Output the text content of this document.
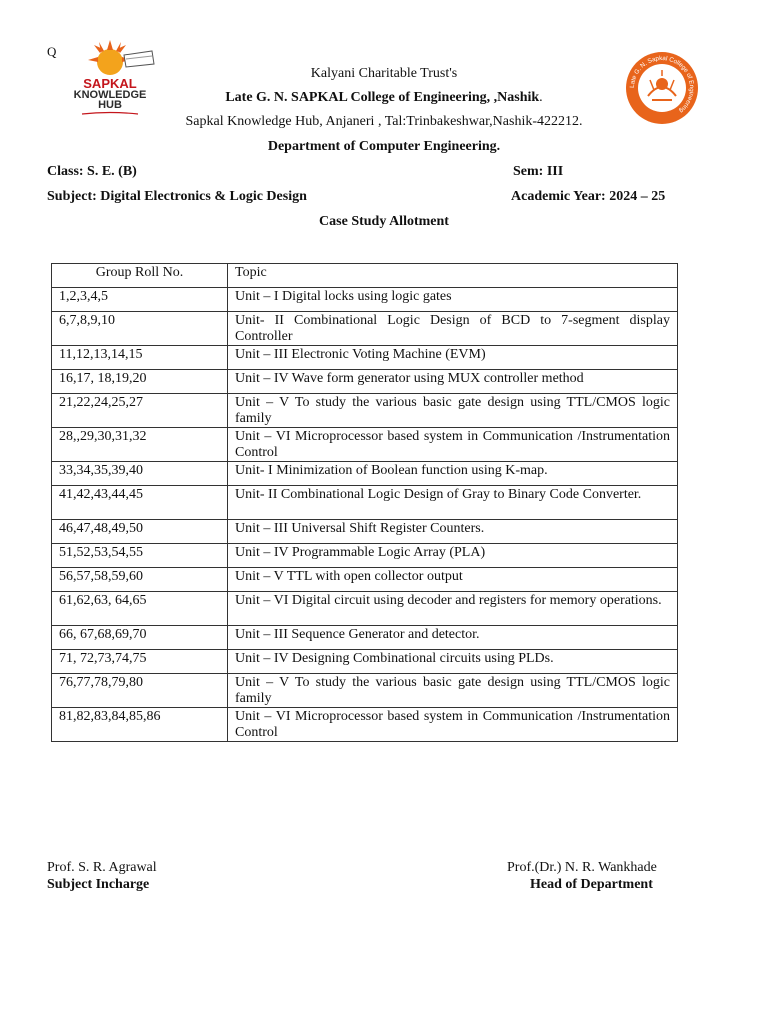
Q
SAPKAL
KNOWLEDGE
HUB
Late G. N. Sapkal College of Engineering
Kalyani Charitable Trust's
Late G. N. SAPKAL College of Engineering, ,Nashik.
Sapkal Knowledge Hub, Anjaneri , Tal:Trinbakeshwar,Nashik-422212.
Department of Computer Engineering.
Class: S. E. (B)	Sem: III
Subject: Digital Electronics & Logic Design	Academic Year: 2024 – 25
Case Study Allotment
Group Roll No.	Topic
1,2,3,4,5	Unit – I Digital locks using logic gates
6,7,8,9,10	Unit- II Combinational Logic Design of BCD to 7-segment display Controller
11,12,13,14,15	Unit – III Electronic Voting Machine (EVM)
16,17, 18,19,20	Unit – IV Wave form generator using MUX controller method
21,22,24,25,27	Unit – V To study the various basic gate design using TTL/CMOS logic family
28,,29,30,31,32	Unit – VI Microprocessor based system in Communication /Instrumentation Control
33,34,35,39,40	Unit- I Minimization of Boolean function using K-map.
41,42,43,44,45	Unit- II Combinational Logic Design of Gray to Binary Code Converter.
46,47,48,49,50	Unit – III Universal Shift Register Counters.
51,52,53,54,55	Unit – IV Programmable Logic Array (PLA)
56,57,58,59,60	Unit – V TTL with open collector output
61,62,63, 64,65	Unit – VI Digital circuit using decoder and registers for memory operations.
66, 67,68,69,70	Unit – III Sequence Generator and detector.
71, 72,73,74,75	Unit – IV Designing Combinational circuits using PLDs.
76,77,78,79,80	Unit – V To study the various basic gate design using TTL/CMOS logic family
81,82,83,84,85,86	Unit – VI Microprocessor based system in Communication /Instrumentation Control
Prof. S. R. Agrawal
Subject Incharge
Prof.(Dr.) N. R. Wankhade
Head of Department
